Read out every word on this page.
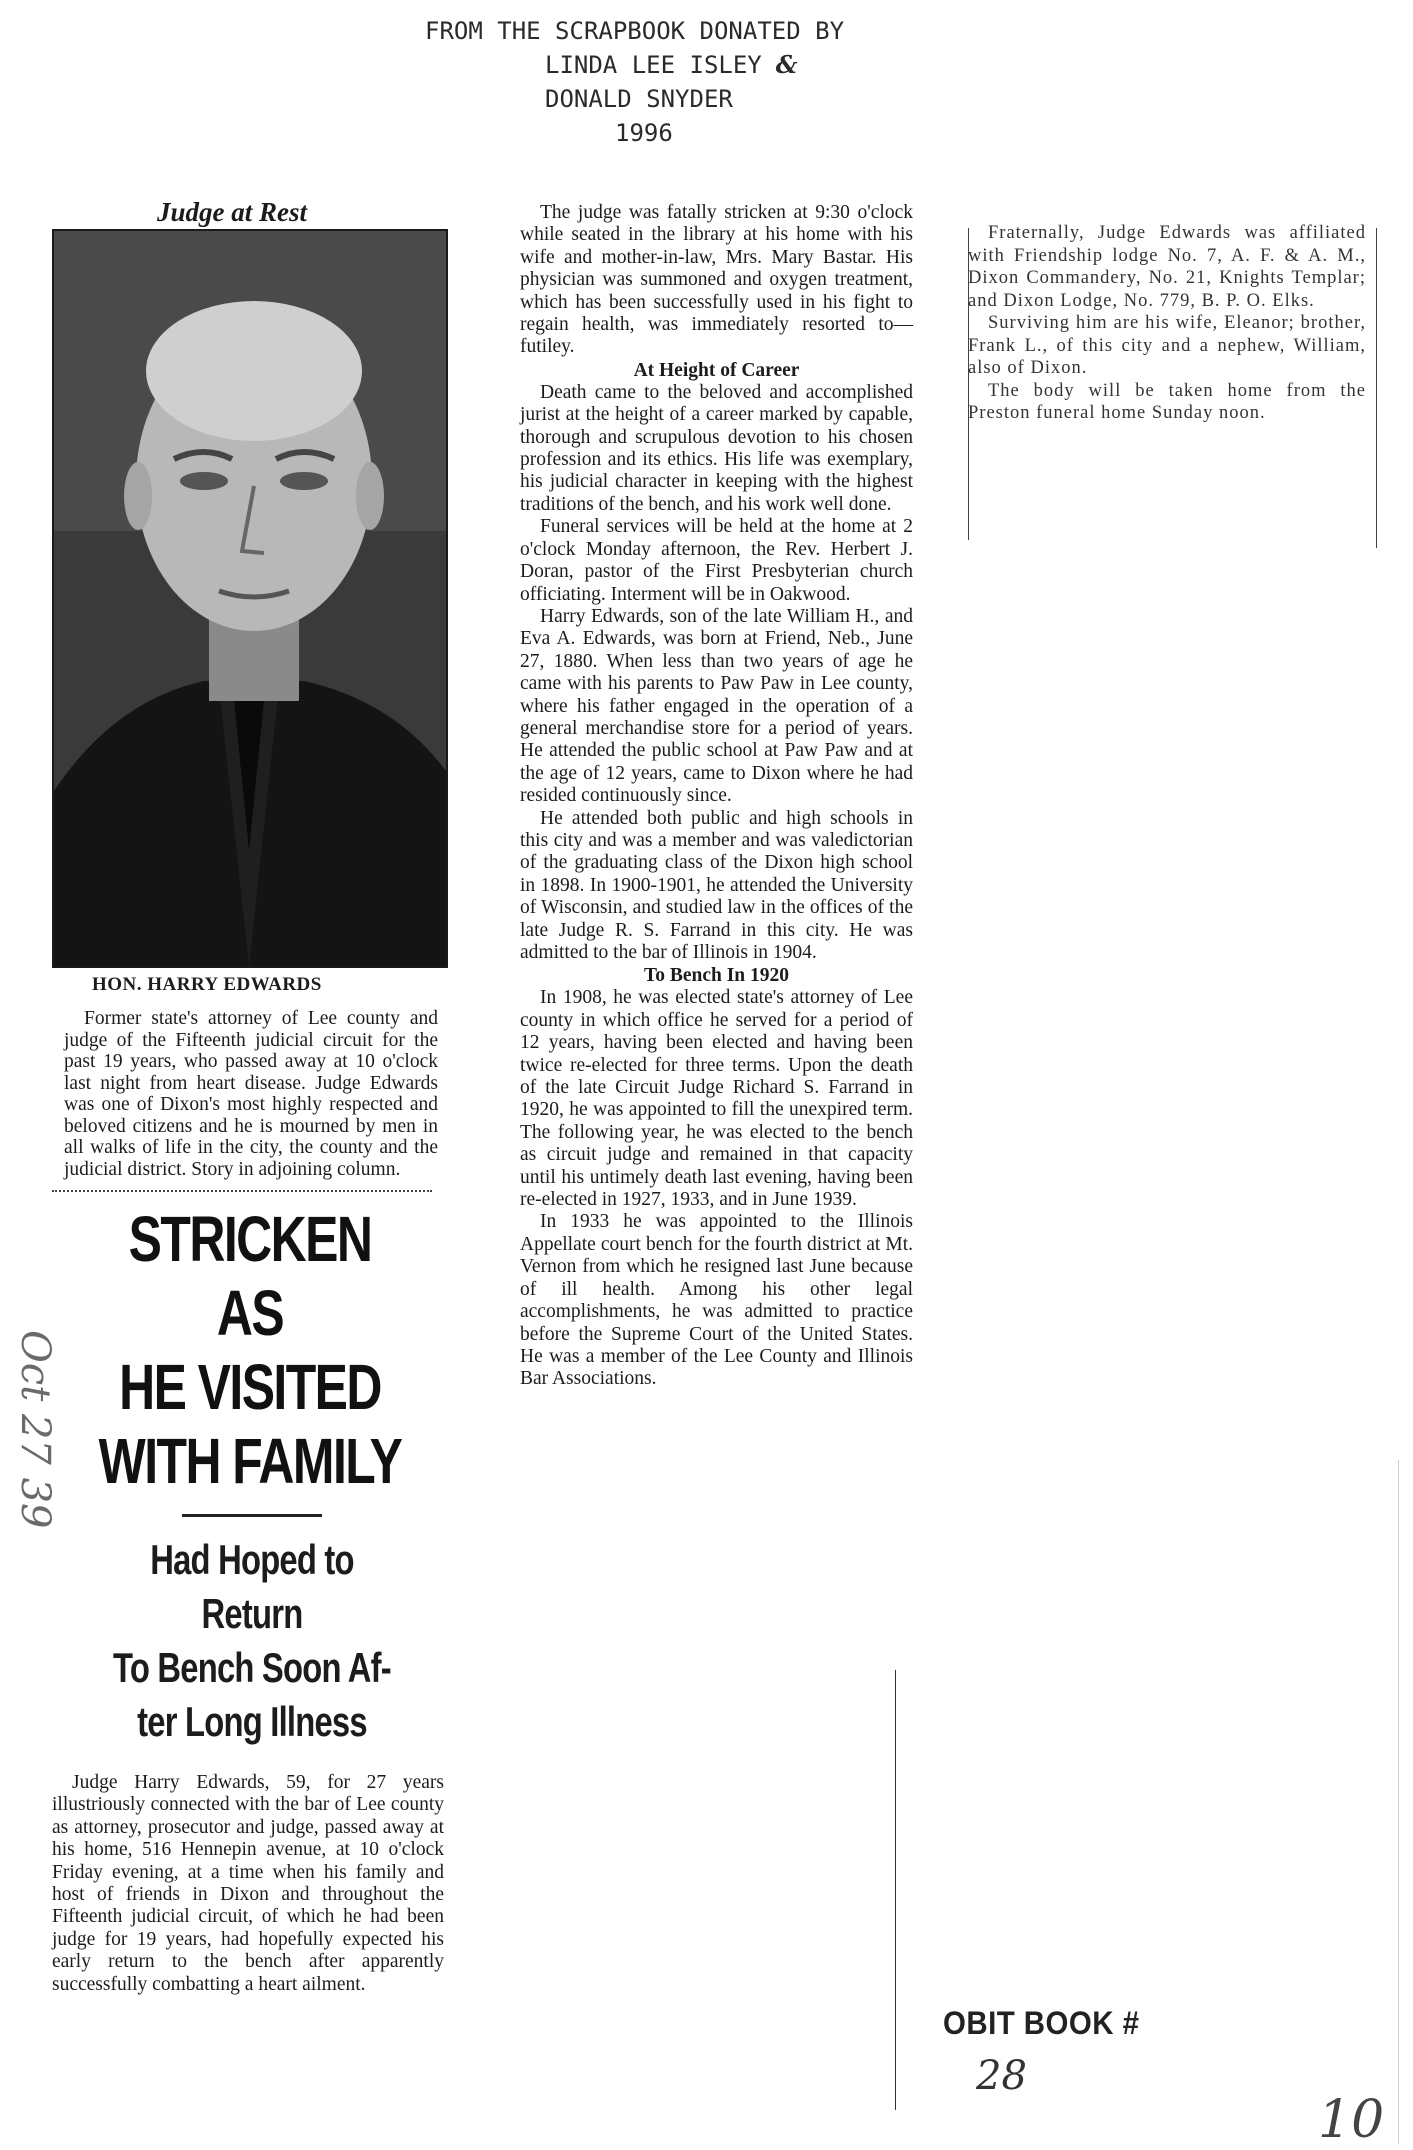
FROM THE SCRAPBOOK DONATED BY
LINDA LEE ISLEY &
DONALD SNYDER
1996
Judge at Rest
HON. HARRY EDWARDS

Former state's attorney of Lee county and judge of the Fifteenth judicial circuit for the past 19 years, who passed away at 10 o'clock last night from heart disease. Judge Edwards was one of Dixon's most highly respected and beloved citizens and he is mourned by men in all walks of life in the city, the county and the judicial district. Story in adjoining column.

STRICKEN AS
HE VISITED
WITH FAMILY
Had Hoped to Return
To Bench Soon Af-
ter Long Illness
Oct 27 39

Judge Harry Edwards, 59, for 27 years illustriously connected with the bar of Lee county as attorney, prosecutor and judge, passed away at his home, 516 Hennepin avenue, at 10 o'clock Friday evening, at a time when his family and host of friends in Dixon and throughout the Fifteenth judicial circuit, of which he had been judge for 19 years, had hopefully expected his early return to the bench after apparently successfully combatting a heart ailment.

The judge was fatally stricken at 9:30 o'clock while seated in the library at his home with his wife and mother-in-law, Mrs. Mary Bastar. His physician was summoned and oxygen treatment, which has been successfully used in his fight to regain health, was immediately resorted to—futiley.

At Height of Career

Death came to the beloved and accomplished jurist at the height of a career marked by capable, thorough and scrupulous devotion to his chosen profession and its ethics. His life was exemplary, his judicial character in keeping with the highest traditions of the bench, and his work well done.

Funeral services will be held at the home at 2 o'clock Monday afternoon, the Rev. Herbert J. Doran, pastor of the First Presbyterian church officiating. Interment will be in Oakwood.

Harry Edwards, son of the late William H., and Eva A. Edwards, was born at Friend, Neb., June 27, 1880. When less than two years of age he came with his parents to Paw Paw in Lee county, where his father engaged in the operation of a general merchandise store for a period of years. He attended the public school at Paw Paw and at the age of 12 years, came to Dixon where he had resided continuously since.

He attended both public and high schools in this city and was a member and was valedictorian of the graduating class of the Dixon high school in 1898. In 1900-1901, he attended the University of Wisconsin, and studied law in the offices of the late Judge R. S. Farrand in this city. He was admitted to the bar of Illinois in 1904.

To Bench In 1920

In 1908, he was elected state's attorney of Lee county in which office he served for a period of 12 years, having been elected and having been twice re-elected for three terms. Upon the death of the late Circuit Judge Richard S. Farrand in 1920, he was appointed to fill the unexpired term. The following year, he was elected to the bench as circuit judge and remained in that capacity until his untimely death last evening, having been re-elected in 1927, 1933, and in June 1939.

In 1933 he was appointed to the Illinois Appellate court bench for the fourth district at Mt. Vernon from which he resigned last June because of ill health. Among his other legal accomplishments, he was admitted to practice before the Supreme Court of the United States. He was a member of the Lee County and Illinois Bar Associations.

Fraternally, Judge Edwards was affiliated with Friendship lodge No. 7, A. F. & A. M., Dixon Commandery, No. 21, Knights Templar; and Dixon Lodge, No. 779, B. P. O. Elks.

Surviving him are his wife, Eleanor; brother, Frank L., of this city and a nephew, William, also of Dixon.

The body will be taken home from the Preston funeral home Sunday noon.

OBIT BOOK #
28
10
